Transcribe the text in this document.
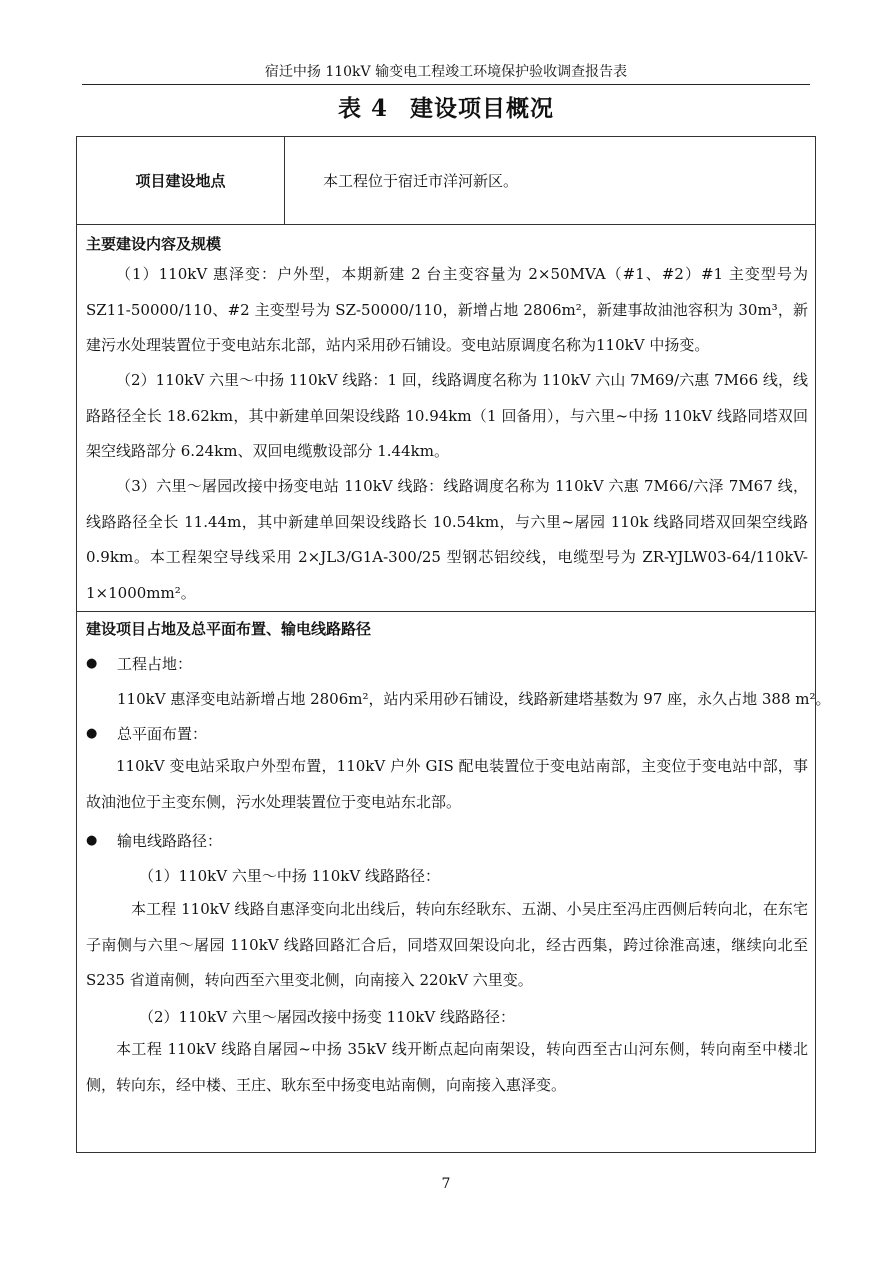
宿迁中扬 110kV 输变电工程竣工环境保护验收调查报告表
表 4 建设项目概况
项目建设地点	本工程位于宿迁市洋河新区。
主要建设内容及规模

（1）110kV 惠泽变：户外型，本期新建 2 台主变容量为 2×50MVA（#1、#2）#1 主变型号为 SZ11-50000/110、#2 主变型号为 SZ-50000/110，新增占地 2806m²，新建事故油池容积为 30m³，新建污水处理装置位于变电站东北部，站内采用砂石铺设。变电站原调度名称为110kV 中扬变。

（2）110kV 六里～中扬 110kV 线路：1 回，线路调度名称为 110kV 六山 7M69/六惠 7M66 线，线路路径全长 18.62km，其中新建单回架设线路 10.94km（1 回备用），与六里~中扬 110kV 线路同塔双回架空线路部分 6.24km、双回电缆敷设部分 1.44km。

（3）六里～屠园改接中扬变电站 110kV 线路：线路调度名称为 110kV 六惠 7M66/六泽 7M67 线，线路路径全长 11.44m，其中新建单回架设线路长 10.54km，与六里~屠园 110k 线路同塔双回架空线路 0.9km。本工程架空导线采用 2×JL3/G1A-300/25 型钢芯铝绞线，电缆型号为 ZR-YJLW03-64/110kV-1×1000mm²。

建设项目占地及总平面布置、输电线路路径
● 工程占地：
110kV 惠泽变电站新增占地 2806m²，站内采用砂石铺设，线路新建塔基数为 97 座，永久占地 388 m²。
● 总平面布置：

110kV 变电站采取户外型布置，110kV 户外 GIS 配电装置位于变电站南部，主变位于变电站中部，事故油池位于主变东侧，污水处理装置位于变电站东北部。

● 输电线路路径：
（1）110kV 六里～中扬 110kV 线路路径：

本工程 110kV 线路自惠泽变向北出线后，转向东经耿东、五湖、小吴庄至冯庄西侧后转向北，在东宅子南侧与六里～屠园 110kV 线路回路汇合后，同塔双回架设向北，经古西集，跨过徐淮高速，继续向北至 S235 省道南侧，转向西至六里变北侧，向南接入 220kV 六里变。

（2）110kV 六里～屠园改接中扬变 110kV 线路路径：

本工程 110kV 线路自屠园~中扬 35kV 线开断点起向南架设，转向西至古山河东侧，转向南至中楼北侧，转向东，经中楼、王庄、耿东至中扬变电站南侧，向南接入惠泽变。

7
